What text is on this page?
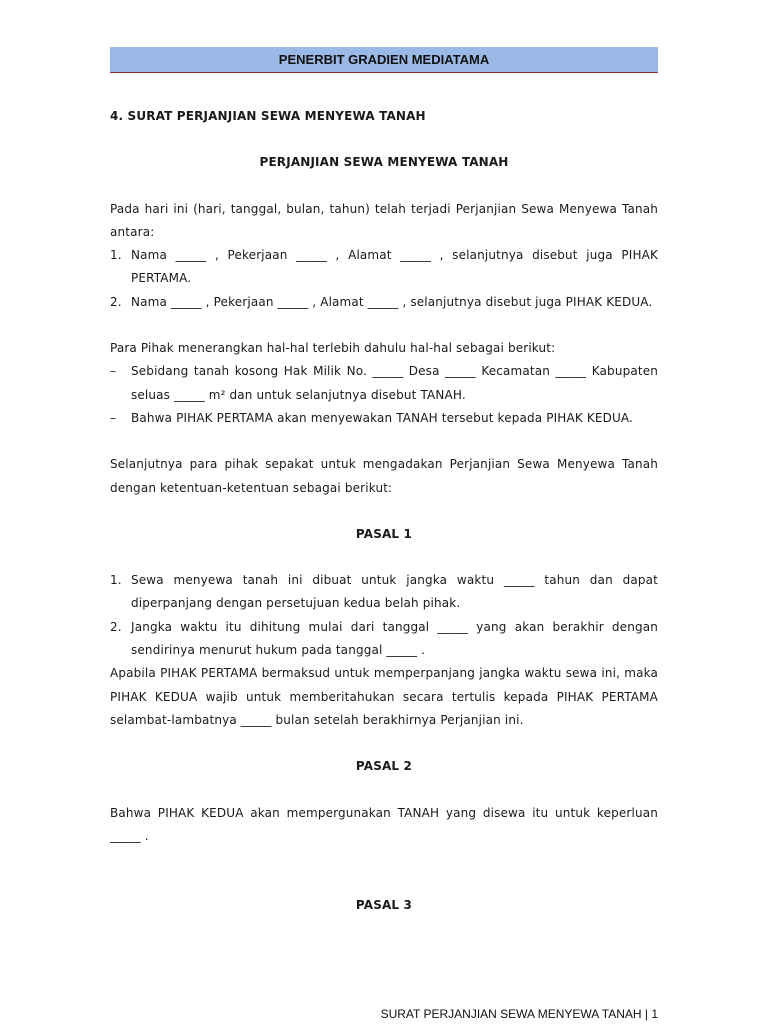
PENERBIT GRADIEN MEDIATAMA

4. SURAT PERJANJIAN SEWA MENYEWA TANAH

PERJANJIAN SEWA MENYEWA TANAH

Pada hari ini (hari, tanggal, bulan, tahun) telah terjadi Perjanjian Sewa Menyewa Tanah antara:

1. Nama _____ , Pekerjaan _____ , Alamat _____ , selanjutnya disebut juga PIHAK PERTAMA.
2. Nama _____ , Pekerjaan _____ , Alamat _____ , selanjutnya disebut juga PIHAK KEDUA.

Para Pihak menerangkan hal-hal terlebih dahulu hal-hal sebagai berikut:

–	Sebidang tanah kosong Hak Milik No. _____ Desa _____ Kecamatan _____ Kabupaten seluas _____ m² dan untuk selanjutnya disebut TANAH.
–	Bahwa PIHAK PERTAMA akan menyewakan TANAH tersebut kepada PIHAK KEDUA.

Selanjutnya para pihak sepakat untuk mengadakan Perjanjian Sewa Menyewa Tanah dengan ketentuan-ketentuan sebagai berikut:

PASAL 1

1. Sewa menyewa tanah ini dibuat untuk jangka waktu _____ tahun dan dapat diperpanjang dengan persetujuan kedua belah pihak.
2. Jangka waktu itu dihitung mulai dari tanggal _____ yang akan berakhir dengan sendirinya menurut hukum pada tanggal _____ .

Apabila PIHAK PERTAMA bermaksud untuk memperpanjang jangka waktu sewa ini, maka PIHAK KEDUA wajib untuk memberitahukan secara tertulis kepada PIHAK PERTAMA selambat-lambatnya _____ bulan setelah berakhirnya Perjanjian ini.

PASAL 2

Bahwa PIHAK KEDUA akan mempergunakan TANAH yang disewa itu untuk keperluan _____ .

PASAL 3

SURAT PERJANJIAN SEWA MENYEWA TANAH | 1
